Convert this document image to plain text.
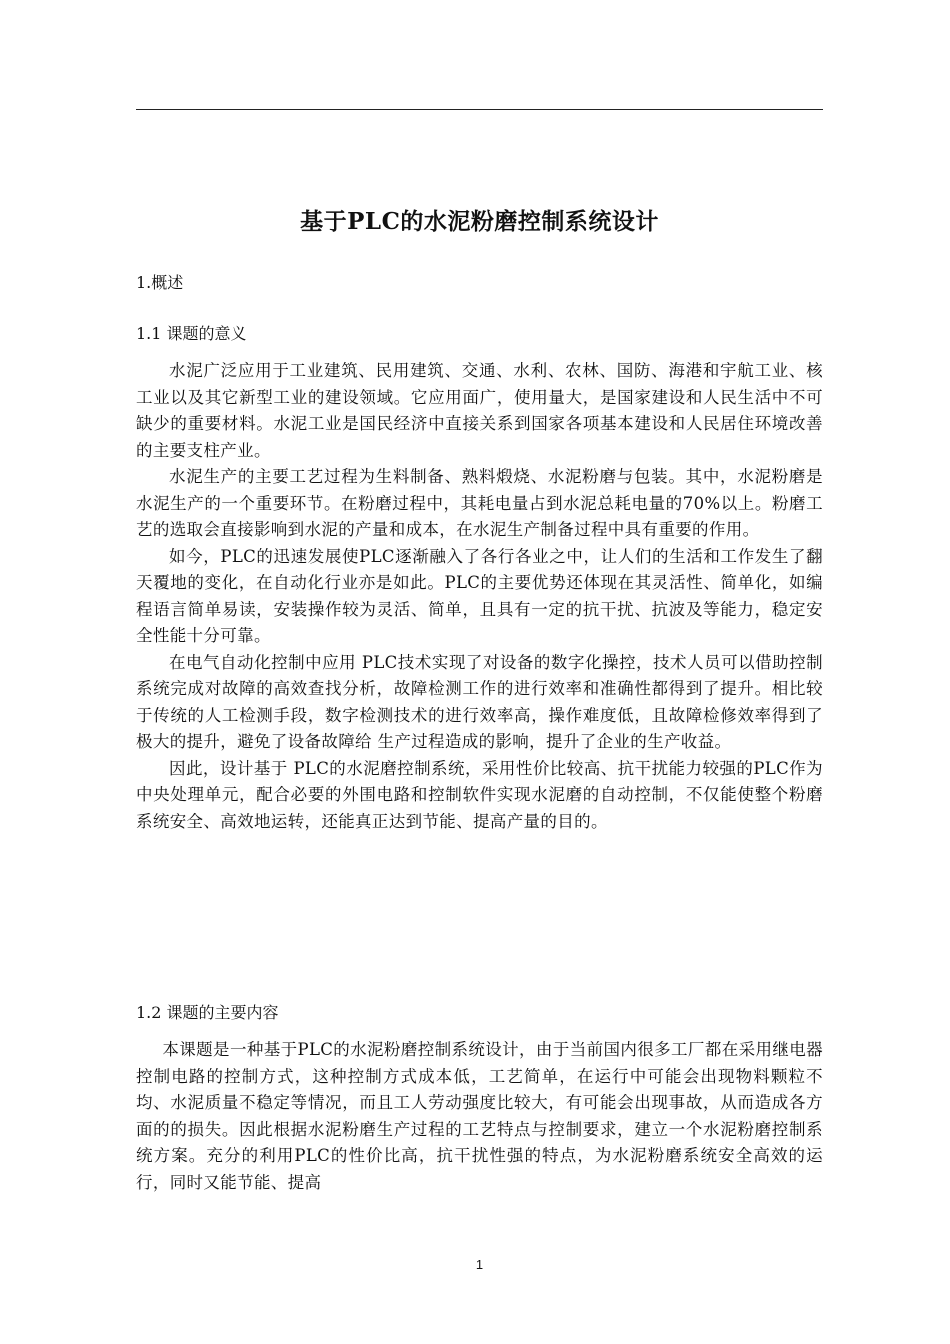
基于PLC的水泥粉磨控制系统设计
1.概述
1.1 课题的意义

水泥广泛应用于工业建筑、民用建筑、交通、水利、农林、国防、海港和宇航工业、核工业以及其它新型工业的建设领域。它应用面广，使用量大，是国家建设和人民生活中不可缺少的重要材料。水泥工业是国民经济中直接关系到国家各项基本建设和人民居住环境改善的主要支柱产业。

水泥生产的主要工艺过程为生料制备、熟料煅烧、水泥粉磨与包装。其中，水泥粉磨是水泥生产的一个重要环节。在粉磨过程中，其耗电量占到水泥总耗电量的70%以上。粉磨工艺的选取会直接影响到水泥的产量和成本，在水泥生产制备过程中具有重要的作用。

如今，PLC的迅速发展使PLC逐渐融入了各行各业之中，让人们的生活和工作发生了翻天覆地的变化，在自动化行业亦是如此。PLC的主要优势还体现在其灵活性、简单化，如编程语言简单易读，安装操作较为灵活、简单，且具有一定的抗干扰、抗波及等能力，稳定安全性能十分可靠。

在电气自动化控制中应用 PLC技术实现了对设备的数字化操控，技术人员可以借助控制系统完成对故障的高效查找分析，故障检测工作的进行效率和准确性都得到了提升。相比较于传统的人工检测手段，数字检测技术的进行效率高，操作难度低，且故障检修效率得到了极大的提升，避免了设备故障给 生产过程造成的影响，提升了企业的生产收益。

因此，设计基于 PLC的水泥磨控制系统，采用性价比较高、抗干扰能力较强的PLC作为中央处理单元，配合必要的外围电路和控制软件实现水泥磨的自动控制，不仅能使整个粉磨系统安全、高效地运转，还能真正达到节能、提高产量的目的。

1.2 课题的主要内容

本课题是一种基于PLC的水泥粉磨控制系统设计，由于当前国内很多工厂都在采用继电器控制电路的控制方式，这种控制方式成本低，工艺简单，在运行中可能会出现物料颗粒不均、水泥质量不稳定等情况，而且工人劳动强度比较大，有可能会出现事故，从而造成各方面的的损失。因此根据水泥粉磨生产过程的工艺特点与控制要求，建立一个水泥粉磨控制系统方案。充分的利用PLC的性价比高，抗干扰性强的特点，为水泥粉磨系统安全高效的运行，同时又能节能、提高

1
